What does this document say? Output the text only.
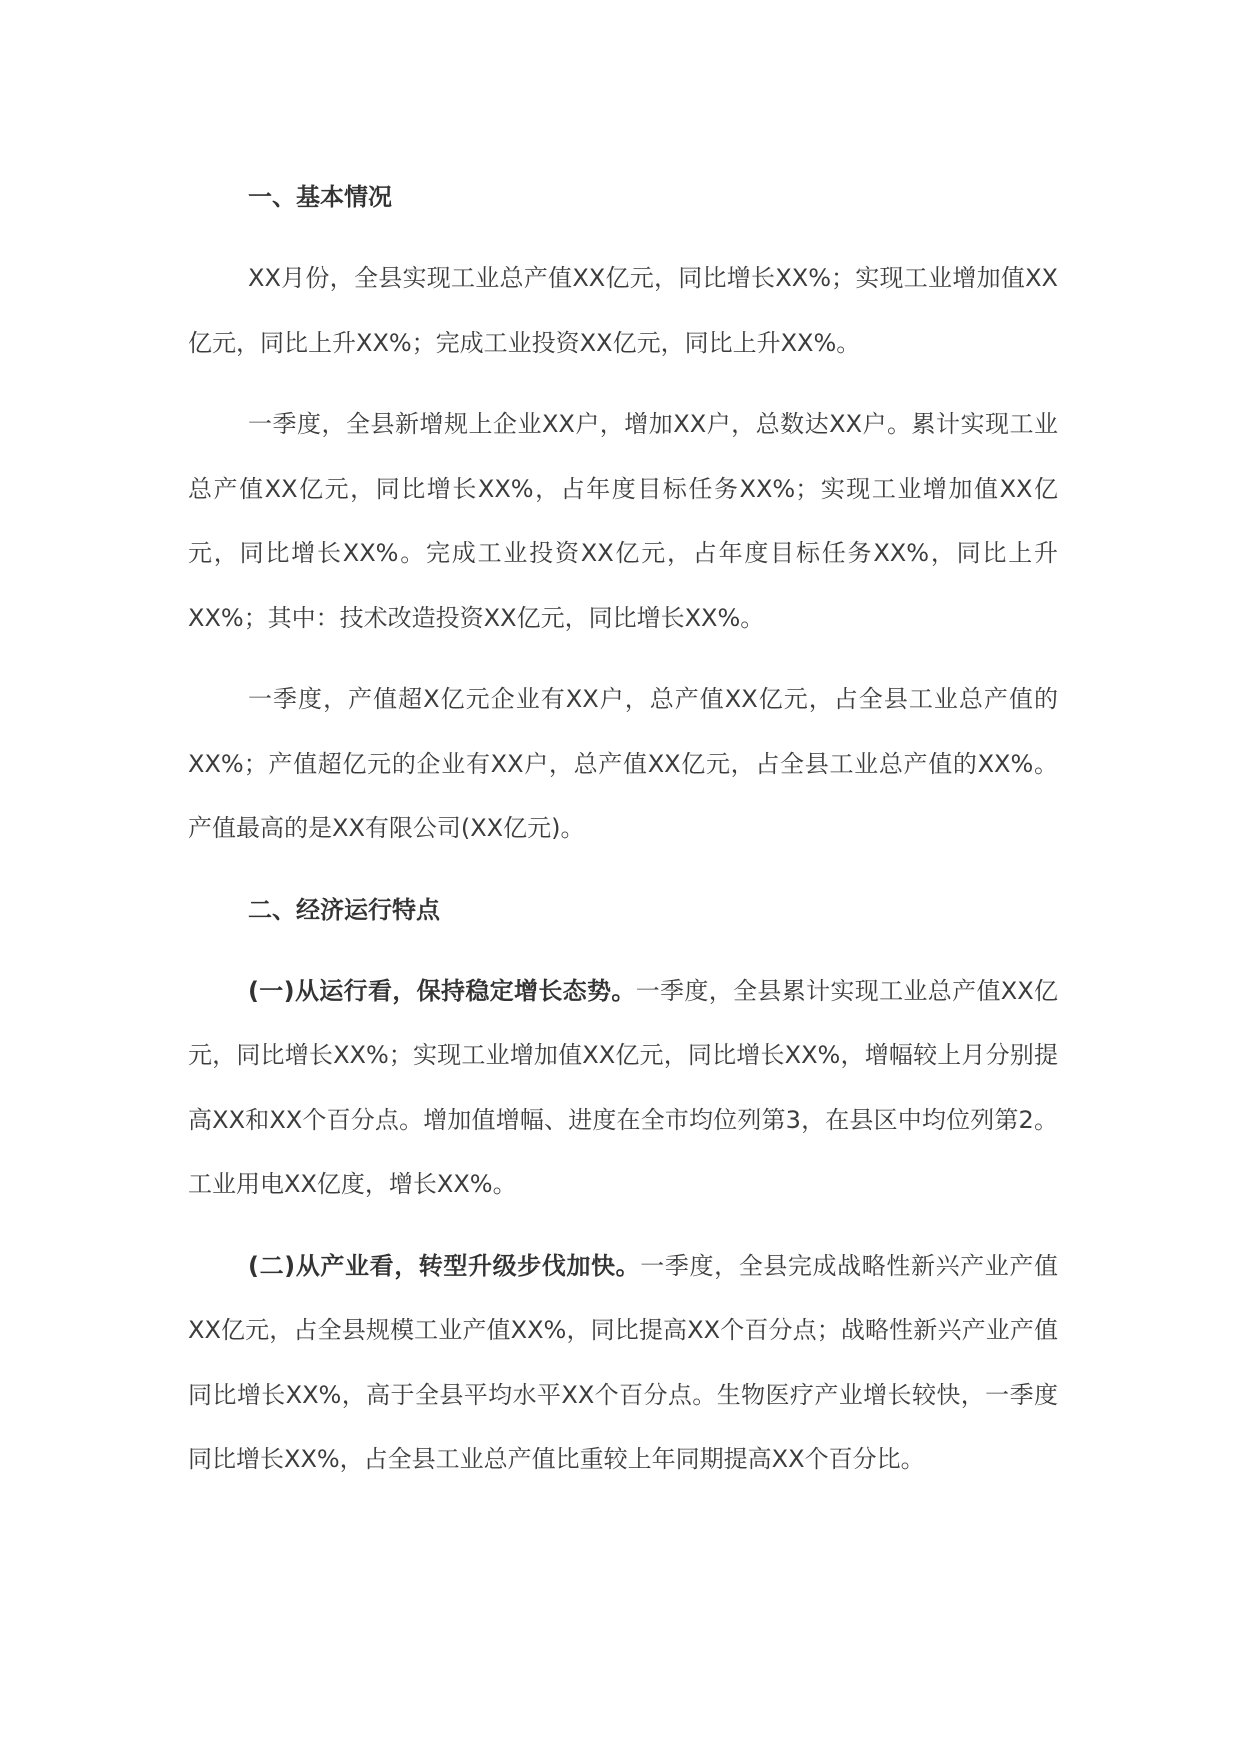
一、基本情况

XX月份，全县实现工业总产值XX亿元，同比增长XX%；实现工业增加值XX亿元，同比上升XX%；完成工业投资XX亿元，同比上升XX%。

一季度，全县新增规上企业XX户，增加XX户，总数达XX户。累计实现工业总产值XX亿元，同比增长XX%，占年度目标任务XX%；实现工业增加值XX亿元，同比增长XX%。完成工业投资XX亿元，占年度目标任务XX%，同比上升XX%；其中：技术改造投资XX亿元，同比增长XX%。

一季度，产值超X亿元企业有XX户，总产值XX亿元，占全县工业总产值的XX%；产值超亿元的企业有XX户，总产值XX亿元，占全县工业总产值的XX%。产值最高的是XX有限公司(XX亿元)。

二、经济运行特点

(一)从运行看，保持稳定增长态势。一季度，全县累计实现工业总产值XX亿元，同比增长XX%；实现工业增加值XX亿元，同比增长XX%，增幅较上月分别提高XX和XX个百分点。增加值增幅、进度在全市均位列第3，在县区中均位列第2。工业用电XX亿度，增长XX%。

(二)从产业看，转型升级步伐加快。一季度，全县完成战略性新兴产业产值XX亿元，占全县规模工业产值XX%，同比提高XX个百分点；战略性新兴产业产值同比增长XX%，高于全县平均水平XX个百分点。生物医疗产业增长较快，一季度同比增长XX%，占全县工业总产值比重较上年同期提高XX个百分比。
